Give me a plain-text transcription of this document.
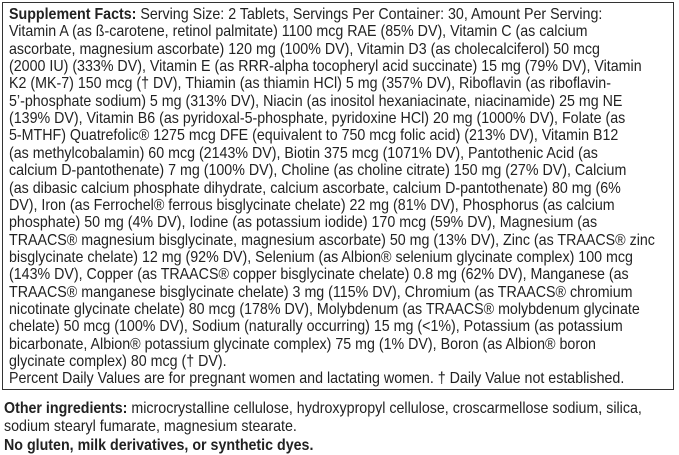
Supplement Facts: Serving Size: 2 Tablets, Servings Per Container: 30, Amount Per Serving:
Vitamin A (as ß-carotene, retinol palmitate) 1100 mcg RAE (85% DV), Vitamin C (as calcium
ascorbate, magnesium ascorbate) 120 mg (100% DV), Vitamin D3 (as cholecalciferol) 50 mcg
(2000 IU) (333% DV), Vitamin E (as RRR-alpha tocopheryl acid succinate) 15 mg (79% DV), Vitamin
K2 (MK-7) 150 mcg († DV), Thiamin (as thiamin HCl) 5 mg (357% DV), Riboflavin (as riboflavin-
5’-phosphate sodium) 5 mg (313% DV), Niacin (as inositol hexaniacinate, niacinamide) 25 mg NE
(139% DV), Vitamin B6 (as pyridoxal-5-phosphate, pyridoxine HCl) 20 mg (1000% DV), Folate (as
5-MTHF) Quatrefolic® 1275 mcg DFE (equivalent to 750 mcg folic acid) (213% DV), Vitamin B12
(as methylcobalamin) 60 mcg (2143% DV), Biotin 375 mcg (1071% DV), Pantothenic Acid (as
calcium D-pantothenate) 7 mg (100% DV), Choline (as choline citrate) 150 mg (27% DV), Calcium
(as dibasic calcium phosphate dihydrate, calcium ascorbate, calcium D-pantothenate) 80 mg (6%
DV), Iron (as Ferrochel® ferrous bisglycinate chelate) 22 mg (81% DV), Phosphorus (as calcium
phosphate) 50 mg (4% DV), Iodine (as potassium iodide) 170 mcg (59% DV), Magnesium (as
TRAACS® magnesium bisglycinate, magnesium ascorbate) 50 mg (13% DV), Zinc (as TRAACS® zinc
bisglycinate chelate) 12 mg (92% DV), Selenium (as Albion® selenium glycinate complex) 100 mcg
(143% DV), Copper (as TRAACS® copper bisglycinate chelate) 0.8 mg (62% DV), Manganese (as
TRAACS® manganese bisglycinate chelate) 3 mg (115% DV), Chromium (as TRAACS® chromium
nicotinate glycinate chelate) 80 mcg (178% DV), Molybdenum (as TRAACS® molybdenum glycinate
chelate) 50 mcg (100% DV), Sodium (naturally occurring) 15 mg (<1%), Potassium (as potassium
bicarbonate, Albion® potassium glycinate complex) 75 mg (1% DV), Boron (as Albion® boron
glycinate complex) 80 mcg († DV).
Percent Daily Values are for pregnant women and lactating women. † Daily Value not established.
Other ingredients: microcrystalline cellulose, hydroxypropyl cellulose, croscarmellose sodium, silica,
sodium stearyl fumarate, magnesium stearate.
No gluten, milk derivatives, or synthetic dyes.
